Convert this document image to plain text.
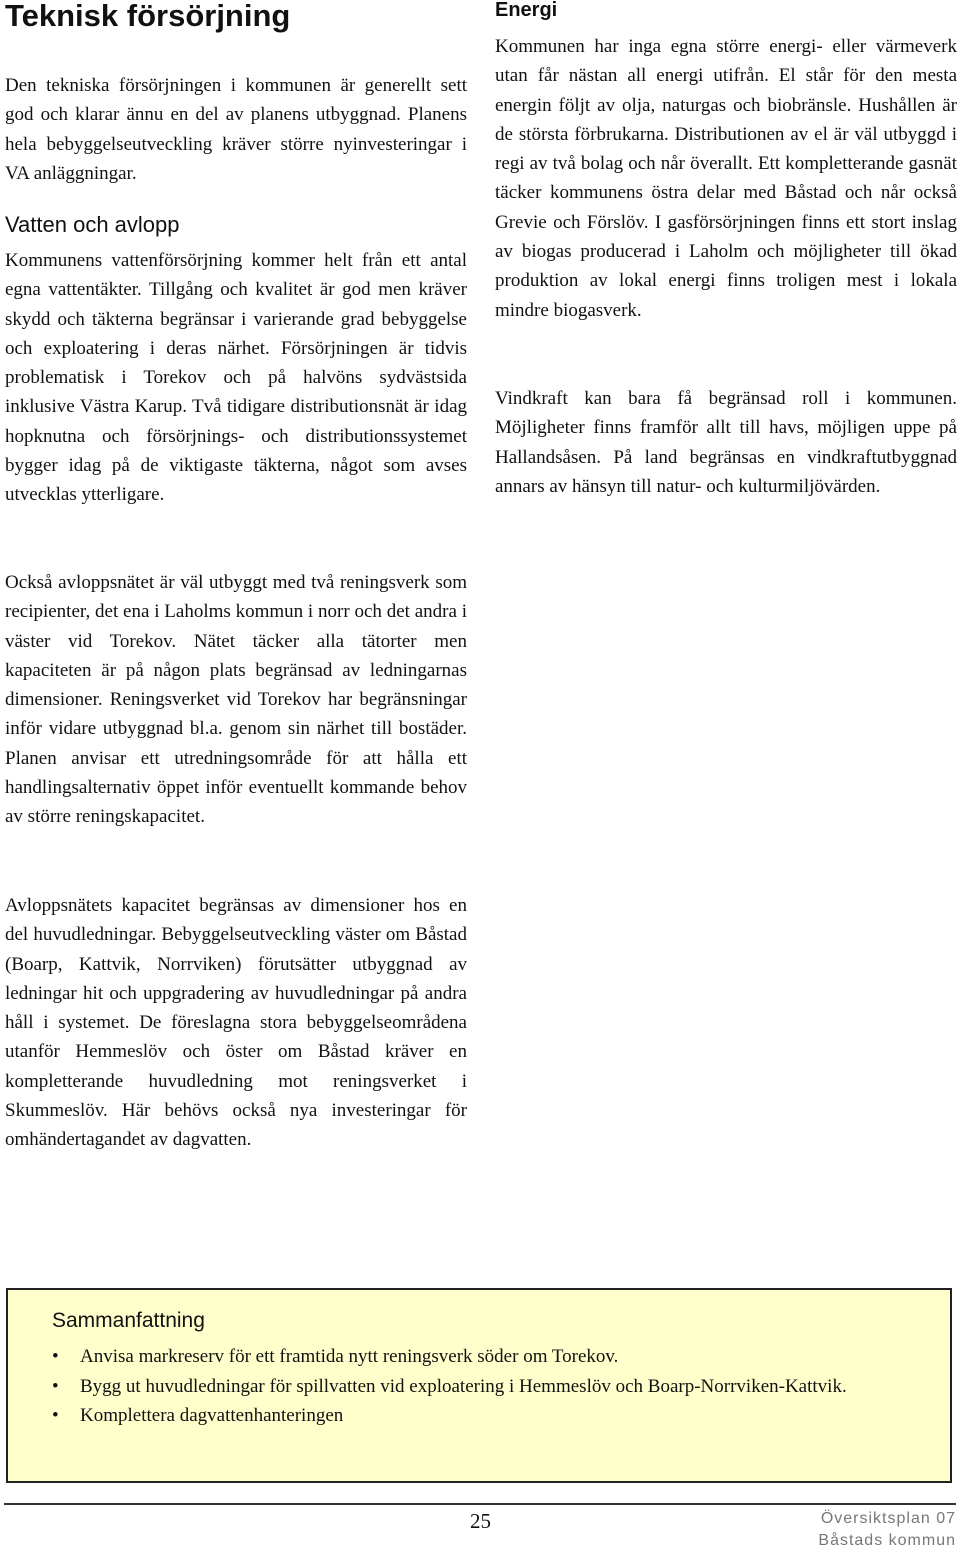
Teknisk försörjning

Den tekniska försörjningen i kommunen är generellt sett god och klarar ännu en del av planens utbyggnad. Planens hela bebyggelseutveckling kräver större nyinvesteringar i VA anläggningar.

Vatten och avlopp

Kommunens vattenförsörjning kommer helt från ett antal egna vattentäkter. Tillgång och kvalitet är god men kräver skydd och täkterna begränsar i varierande grad bebyggelse och exploatering i deras närhet. Försörjningen är tidvis problematisk i Torekov och på halvöns sydvästsida inklusive Västra Karup. Två tidigare distributionsnät är idag hopknutna och försörjnings- och distributionssystemet bygger idag på de viktigaste täkterna, något som avses utvecklas ytterligare.

Också avloppsnätet är väl utbyggt med två reningsverk som recipienter, det ena i Laholms kommun i norr och det andra i väster vid Torekov. Nätet täcker alla tätorter men kapaciteten är på någon plats begränsad av ledningarnas dimensioner. Reningsverket vid Torekov har begränsningar inför vidare utbyggnad bl.a. genom sin närhet till bostäder. Planen anvisar ett utredningsområde för att hålla ett handlingsalternativ öppet inför eventuellt kommande behov av större reningskapacitet.

Avloppsnätets kapacitet begränsas av dimensioner hos en del huvudledningar. Bebyggelseutveckling väster om Båstad (Boarp, Kattvik, Norrviken) förutsätter utbyggnad av ledningar hit och uppgradering av huvudledningar på andra håll i systemet. De föreslagna stora bebyggelseområdena utanför Hemmeslöv och öster om Båstad kräver en kompletterande huvudledning mot reningsverket i Skummeslöv. Här behövs också nya investeringar för omhändertagandet av dagvatten.

Energi

Kommunen har inga egna större energi- eller värmeverk utan får nästan all energi utifrån. El står för den mesta energin följt av olja, naturgas och biobränsle. Hushållen är de största förbrukarna. Distributionen av el är väl utbyggd i regi av två bolag och når överallt. Ett kompletterande gasnät täcker kommunens östra delar med Båstad och når också Grevie och Förslöv. I gasförsörjningen finns ett stort inslag av biogas producerad i Laholm och möjligheter till ökad produktion av lokal energi finns troligen mest i lokala mindre biogasverk.

Vindkraft kan bara få begränsad roll i kommunen. Möjligheter finns framför allt till havs, möjligen uppe på Hallandsåsen. På land begränsas en vindkraftutbyggnad annars av hänsyn till natur- och kulturmiljövärden.

Sammanfattning
• Anvisa markreserv för ett framtida nytt reningsverk söder om Torekov.
• Bygg ut huvudledningar för spillvatten vid exploatering i Hemmeslöv och Boarp-Norrviken-Kattvik.
• Komplettera dagvattenhanteringen
25	Översiktsplan 07
Båstads kommun
